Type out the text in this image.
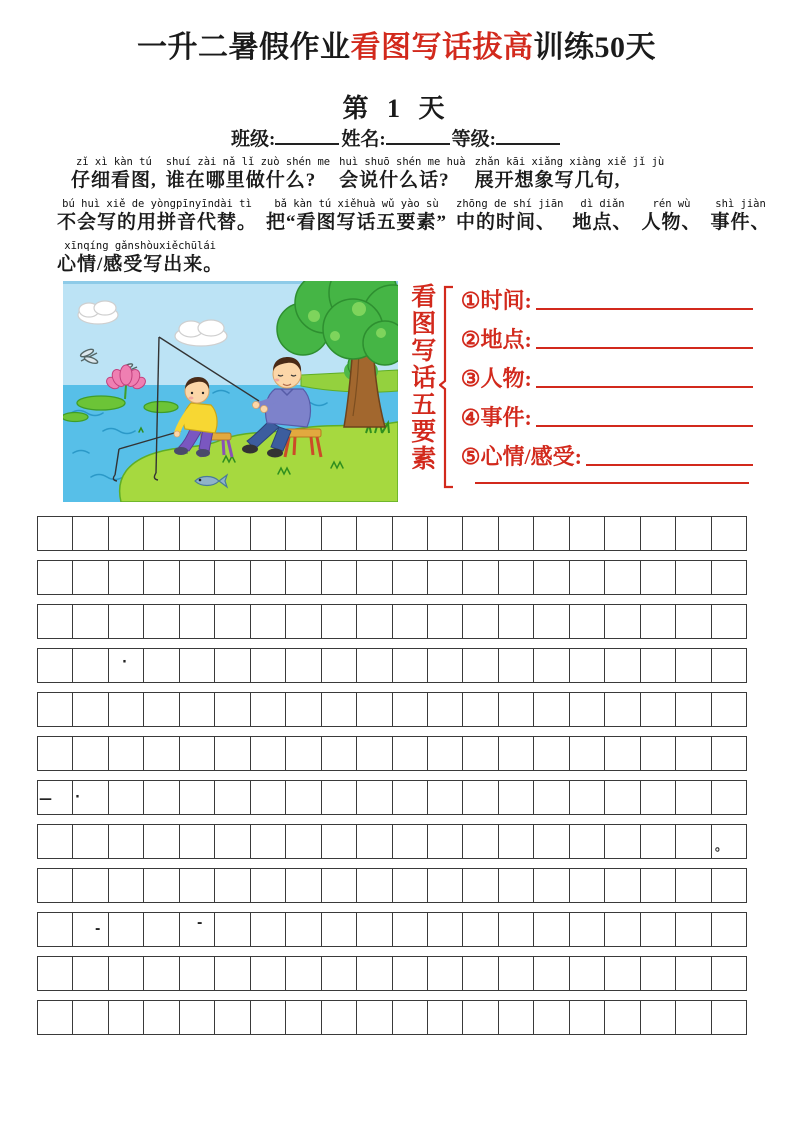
一升二暑假作业看图写话拔高训练50天
第 1 天
班级:	姓名:	等级:
zǐ xì kàn tú
仔细看图,
shuí zài nǎ lǐ zuò shén me
谁在哪里做什么?
huì shuō shén me huà
会说什么话?
zhǎn kāi xiǎng xiàng xiě jǐ jù
展开想象写几句,
bú huì xiě de yòngpīnyīndài tì
不会写的用拼音代替。
bǎ kàn tú xiěhuà wǔ yào sù
把“看图写话五要素”
zhōng de shí jiān
中的时间、
dì diǎn
地点、
rén wù
人物、
shì jiàn
事件、
xīnqíng gǎnshòuxiěchūlái
心情/感受写出来。
看图写话五要素 ① 时间:
② 地点:
③ 人物:
④ 事件:
⑤ 心情/感受:
·
— ·
。
-	-
